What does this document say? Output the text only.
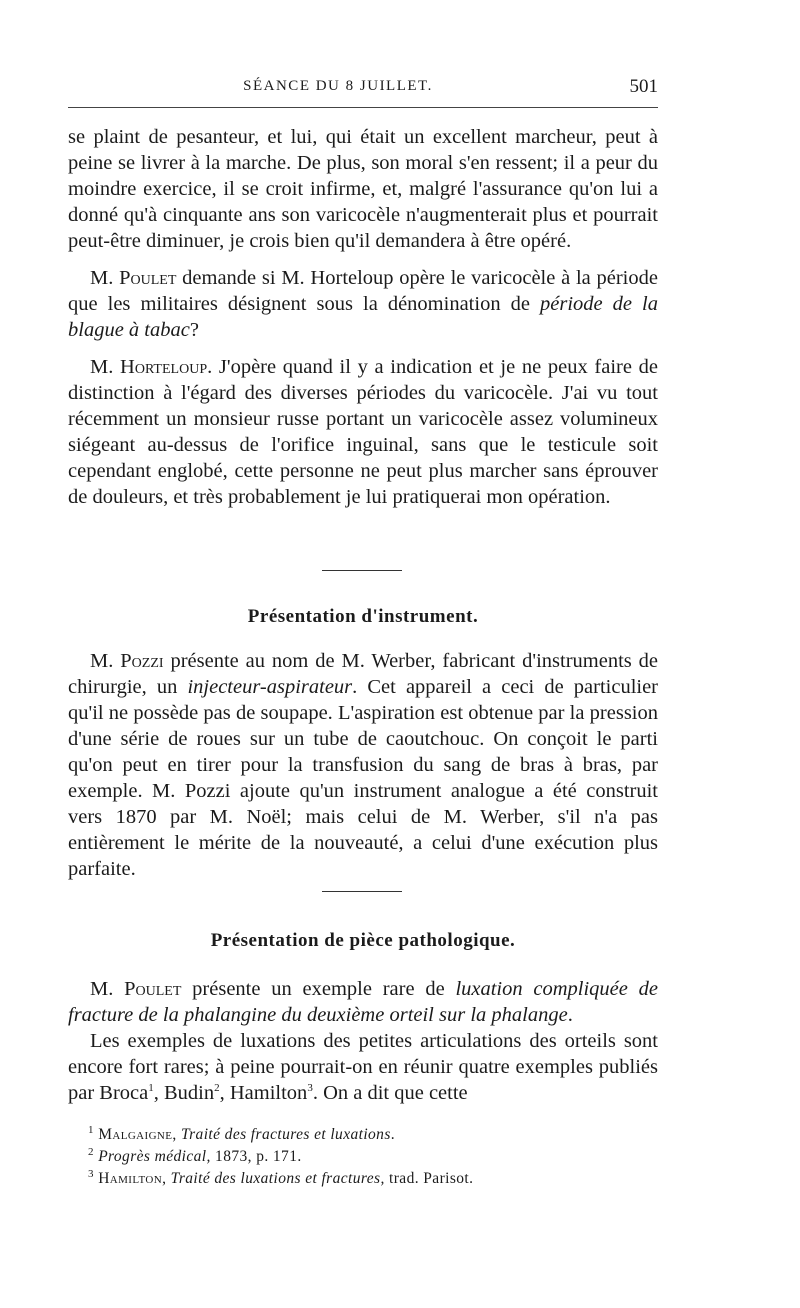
SÉANCE DU 8 JUILLET.	501

se plaint de pesanteur, et lui, qui était un excellent marcheur, peut à peine se livrer à la marche. De plus, son moral s'en ressent; il a peur du moindre exercice, il se croit infirme, et, malgré l'assurance qu'on lui a donné qu'à cinquante ans son varicocèle n'augmenterait plus et pourrait peut-être diminuer, je crois bien qu'il demandera à être opéré.

M. Poulet demande si M. Horteloup opère le varicocèle à la période que les militaires désignent sous la dénomination de période de la blague à tabac?

M. Horteloup. J'opère quand il y a indication et je ne peux faire de distinction à l'égard des diverses périodes du varicocèle. J'ai vu tout récemment un monsieur russe portant un varicocèle assez volumineux siégeant au-dessus de l'orifice inguinal, sans que le testicule soit cependant englobé, cette personne ne peut plus marcher sans éprouver de douleurs, et très probablement je lui pratiquerai mon opération.

Présentation d'instrument.

M. Pozzi présente au nom de M. Werber, fabricant d'instruments de chirurgie, un injecteur-aspirateur. Cet appareil a ceci de particulier qu'il ne possède pas de soupape. L'aspiration est obtenue par la pression d'une série de roues sur un tube de caoutchouc. On conçoit le parti qu'on peut en tirer pour la transfusion du sang de bras à bras, par exemple. M. Pozzi ajoute qu'un instrument analogue a été construit vers 1870 par M. Noël; mais celui de M. Werber, s'il n'a pas entièrement le mérite de la nouveauté, a celui d'une exécution plus parfaite.

Présentation de pièce pathologique.

M. Poulet présente un exemple rare de luxation compliquée de fracture de la phalangine du deuxième orteil sur la phalange.

Les exemples de luxations des petites articulations des orteils sont encore fort rares; à peine pourrait-on en réunir quatre exemples publiés par Broca$^1$, Budin$^2$, Hamilton$^3$. On a dit que cette

$^1$ Malgaigne, Traité des fractures et luxations.
$^2$ Progrès médical, 1873, p. 171.
$^3$ Hamilton, Traité des luxations et fractures, trad. Parisot.
